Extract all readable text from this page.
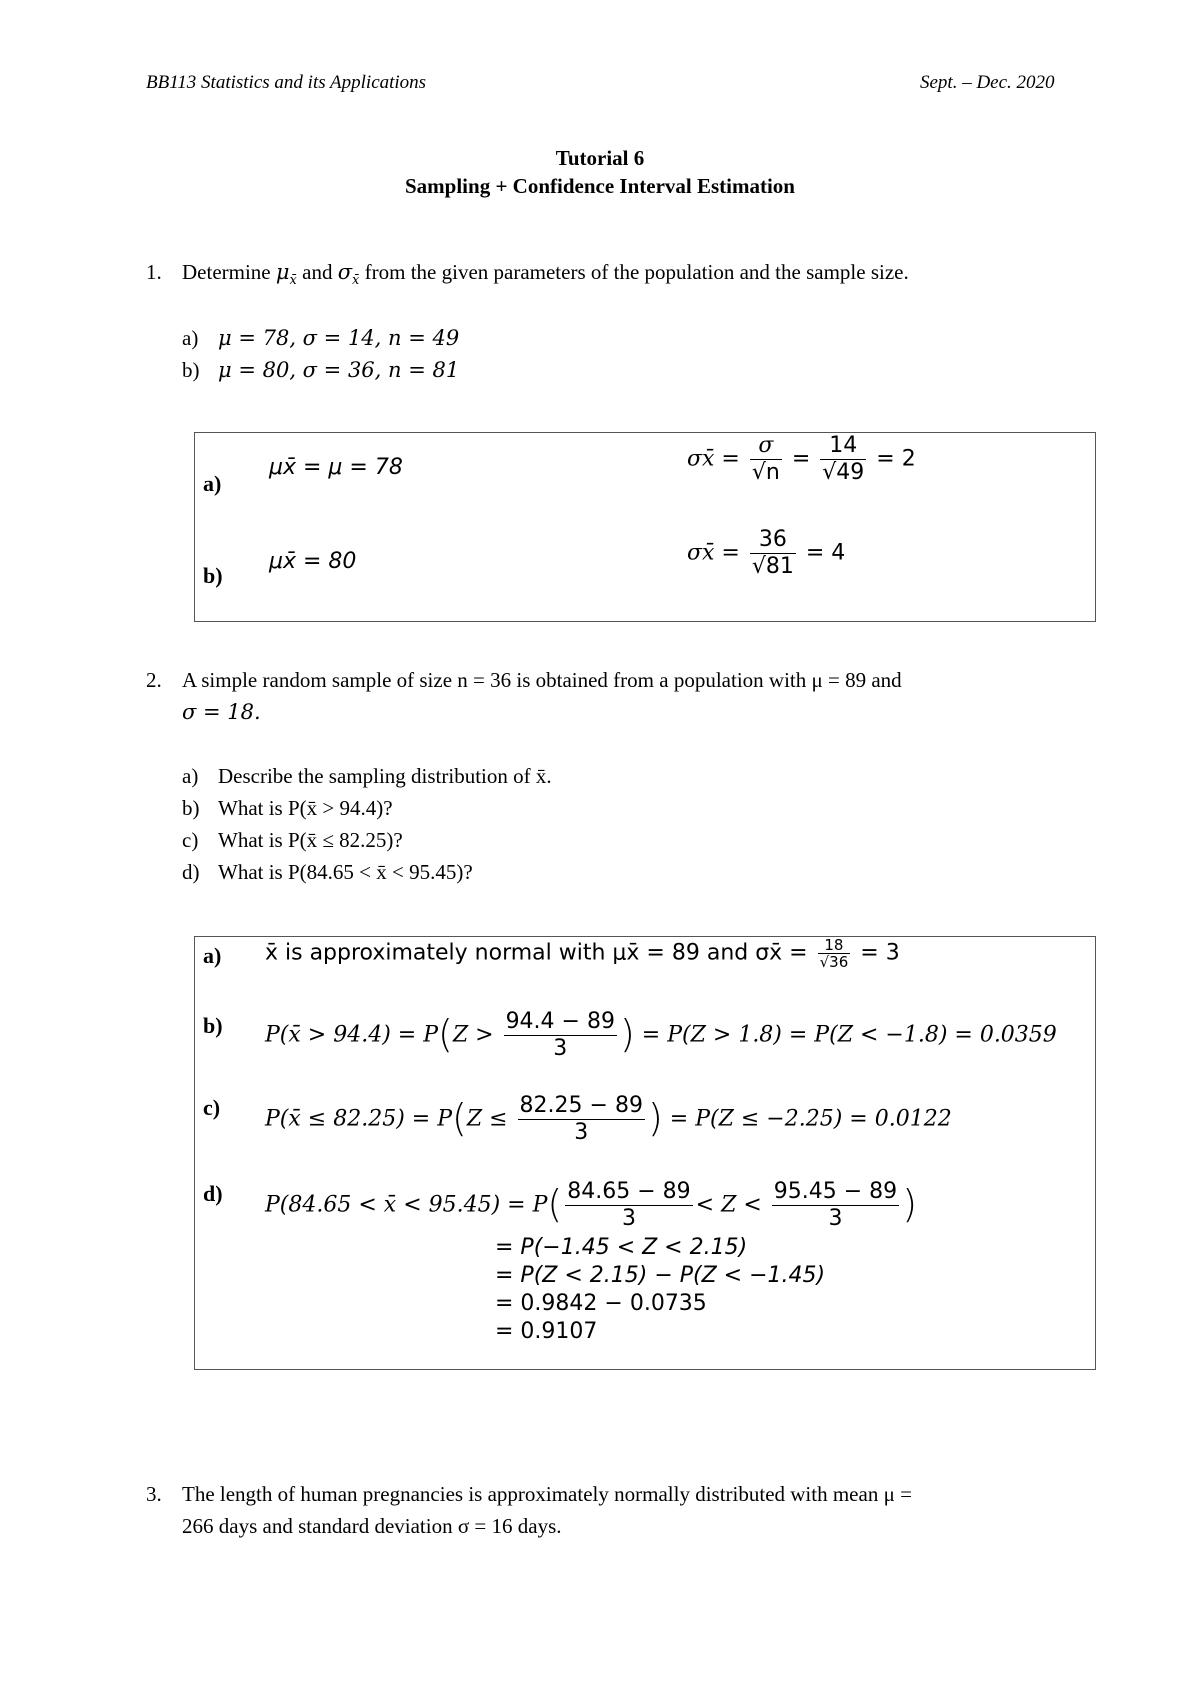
BB113 Statistics and its Applications	Sept. – Dec. 2020
Tutorial 6
Sampling + Confidence Interval Estimation
1. Determine $\mu_{x̄}$ and $\sigma_{x̄}$ from the given parameters of the population and the sample size.
a) μ = 78, σ = 14, n = 49
b) μ = 80, σ = 36, n = 81
a)
μx̄ = μ = 78	σx̄ = $\frac{\sigma}{√n} = \frac{14}{√49} = 2$
b)
μx̄ = 80	σx̄ = $\frac{36}{√81} = 4$
2. A simple random sample of size n = 36 is obtained from a population with μ = 89 and
σ = 18.
a) Describe the sampling distribution of x̄.
b) What is P(x̄ > 94.4)?
c) What is P(x̄ ≤ 82.25)?
d) What is P(84.65 < x̄ < 95.45)?
a) x̄ is approximately normal with μx̄ = 89 and σx̄ = $\frac{18}{√36} = 3$
b) P(x̄ > $94.4) = P(Z > \frac{94.4 - 89}{3}$ ) = P(Z > 1.8) = P(Z < −1.8) = 0.0359
c) P(x̄ ≤ $82.25) = P(Z \le \frac{82.25 - 89}{3}$ ) = P(Z ≤ −2.25) = 0.0122
d) P(84.65 < x̄ < $95.45) = P( \frac{84.65 - 89}{3} < Z < \frac{95.45 - 89}{3}$ )
= P(−1.45 < Z < 2.15)
= P(Z < 2.15) − P(Z < −1.45)
= 0.9842 − 0.0735
= 0.9107
3. The length of human pregnancies is approximately normally distributed with mean μ =
266 days and standard deviation σ = 16 days.
